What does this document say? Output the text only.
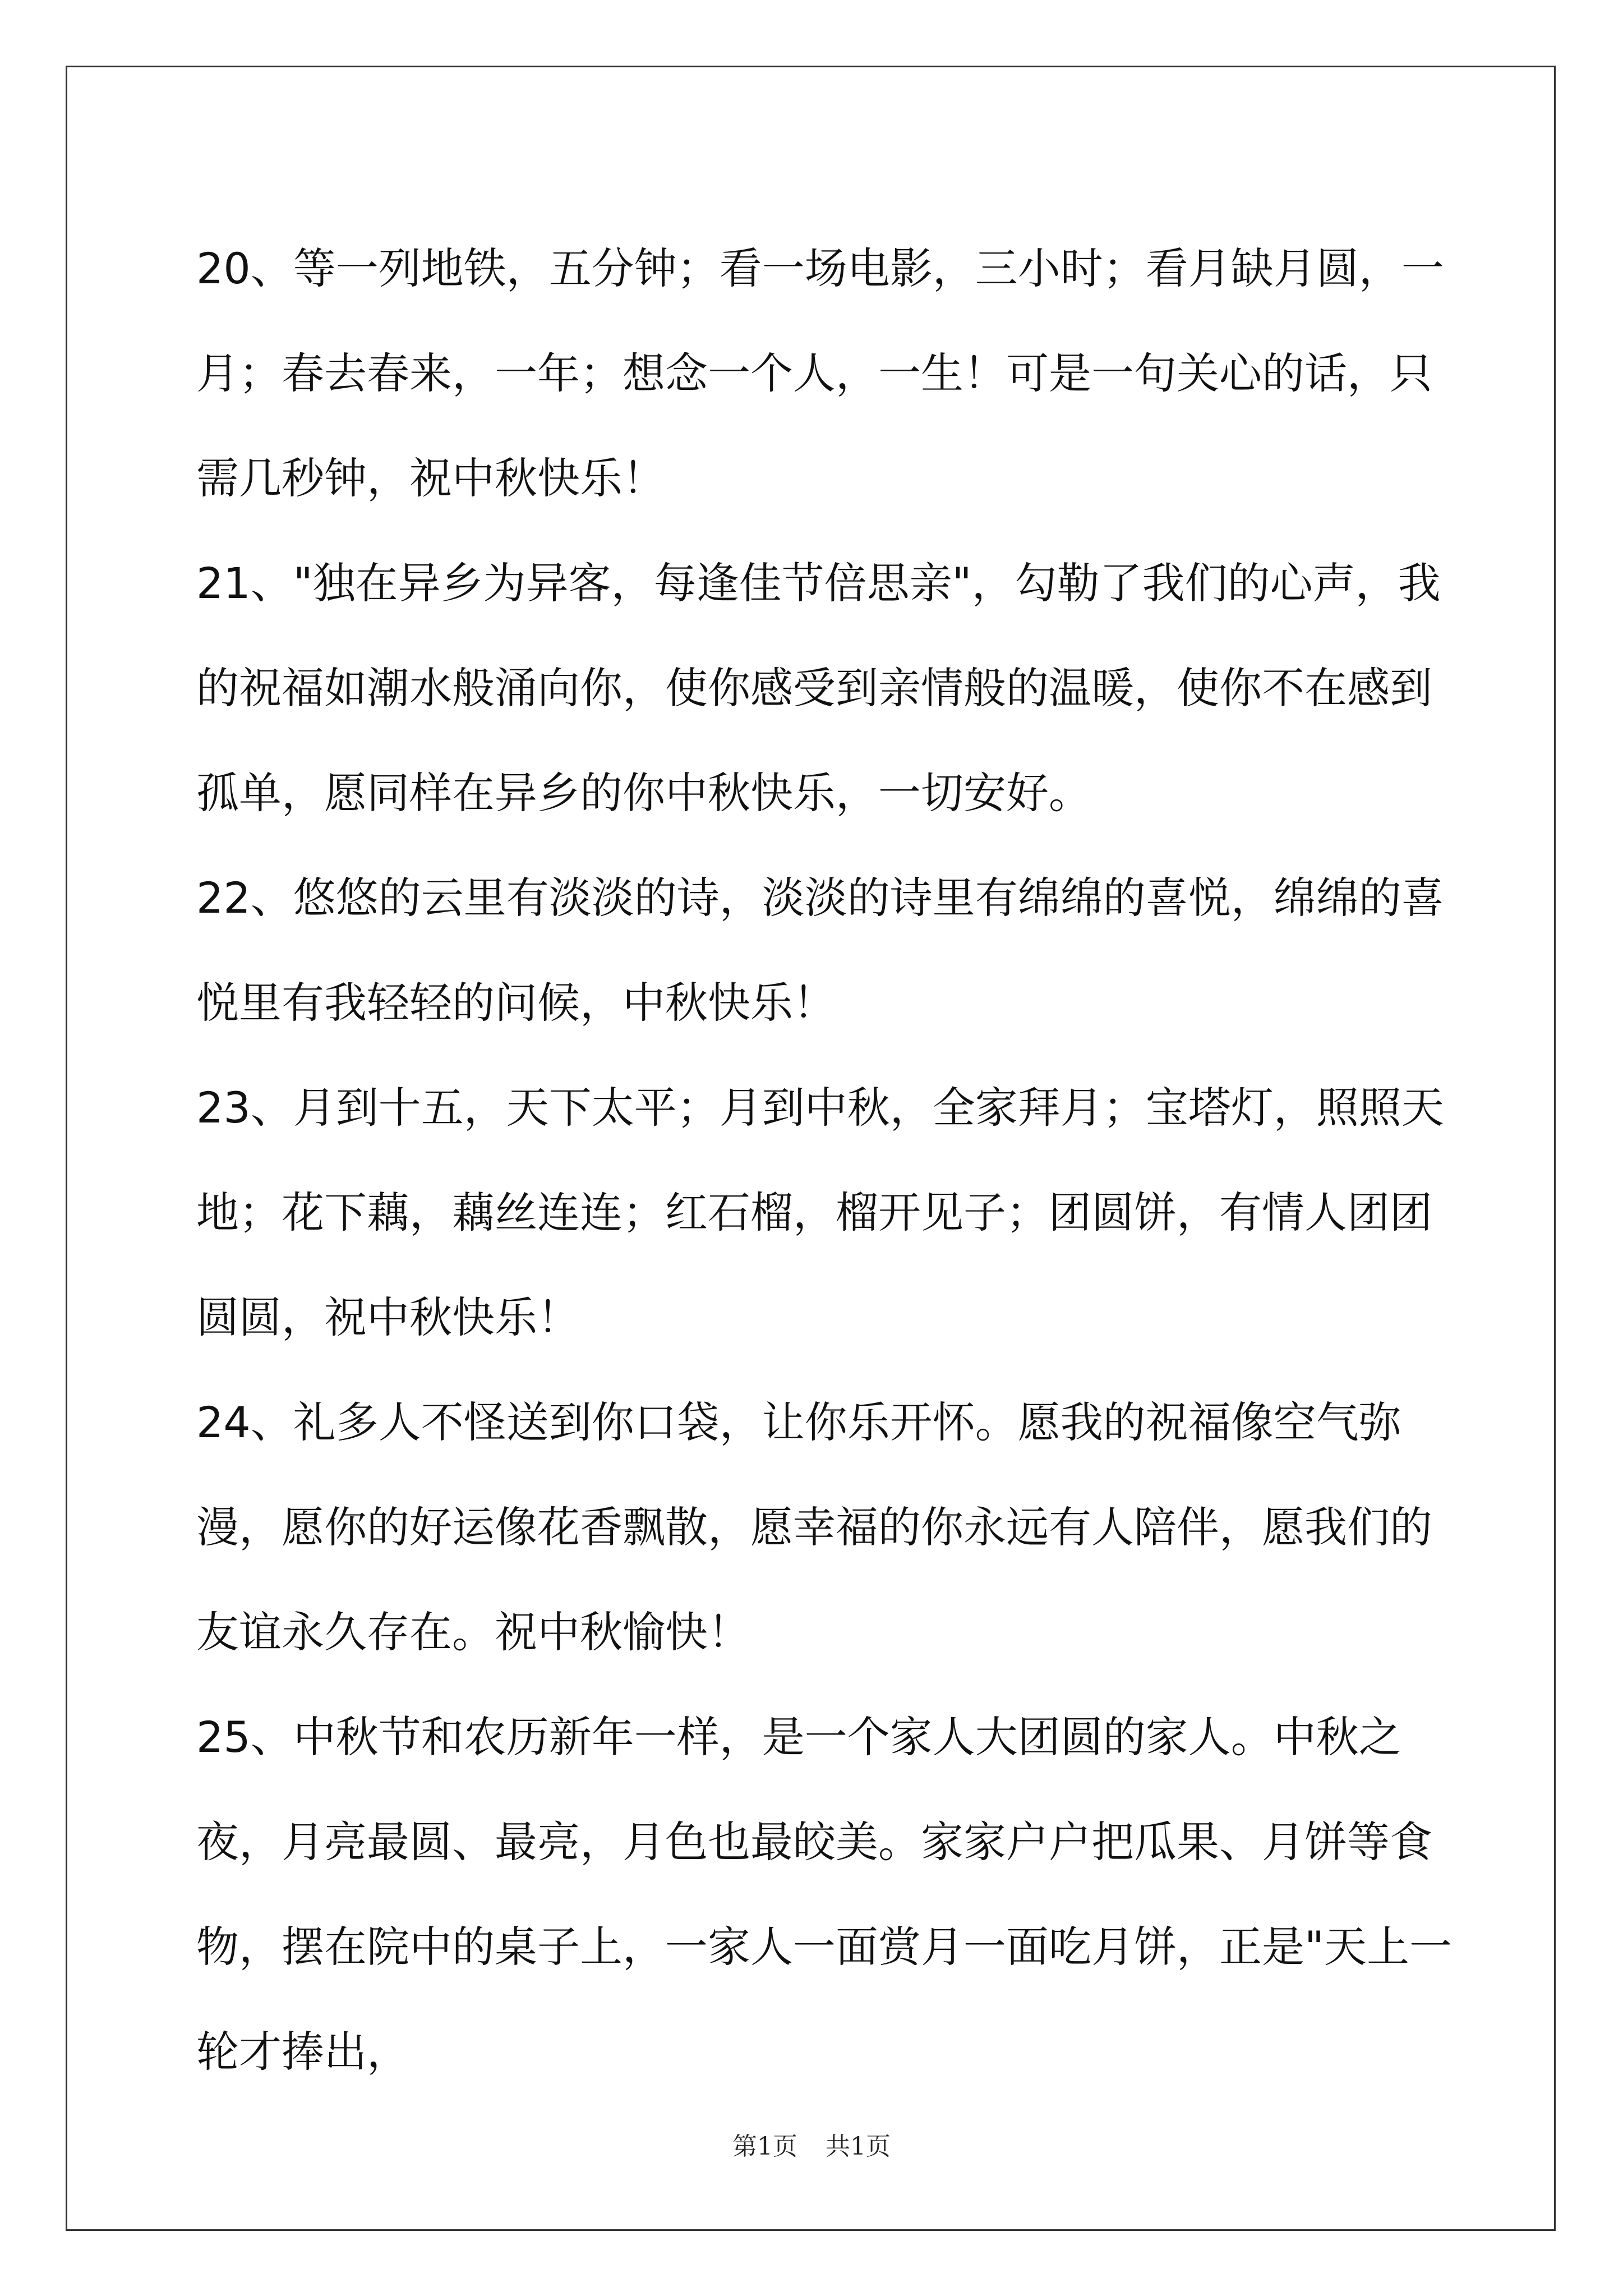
20、等一列地铁，五分钟；看一场电影，三小时；看月缺月圆，一月；春去春来，一年；想念一个人，一生！可是一句关心的话，只需几秒钟，祝中秋快乐！

21、"独在异乡为异客，每逢佳节倍思亲"，勾勒了我们的心声，我的祝福如潮水般涌向你，使你感受到亲情般的温暖，使你不在感到孤单，愿同样在异乡的你中秋快乐，一切安好。

22、悠悠的云里有淡淡的诗，淡淡的诗里有绵绵的喜悦，绵绵的喜悦里有我轻轻的问候，中秋快乐！

23、月到十五，天下太平；月到中秋，全家拜月；宝塔灯，照照天地；花下藕，藕丝连连；红石榴，榴开见子；团圆饼，有情人团团圆圆，祝中秋快乐！

24、礼多人不怪送到你口袋，让你乐开怀。愿我的祝福像空气弥漫，愿你的好运像花香飘散，愿幸福的你永远有人陪伴，愿我们的友谊永久存在。祝中秋愉快！

25、中秋节和农历新年一样，是一个家人大团圆的家人。中秋之夜，月亮最圆、最亮，月色也最皎美。家家户户把瓜果、月饼等食物，摆在院中的桌子上，一家人一面赏月一面吃月饼，正是"天上一轮才捧出，

第1页 共1页
